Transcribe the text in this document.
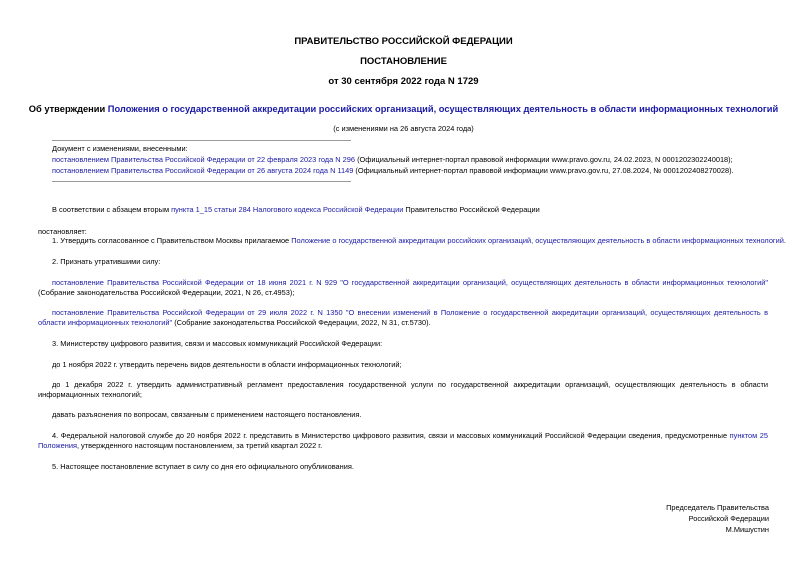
ПРАВИТЕЛЬСТВО РОССИЙСКОЙ ФЕДЕРАЦИИ
ПОСТАНОВЛЕНИЕ
от 30 сентября 2022 года N 1729
Об утверждении Положения о государственной аккредитации российских организаций, осуществляющих деятельность в области информационных технологий
(с изменениями на 26 августа 2024 года)
Документ с изменениями, внесенными:
постановлением Правительства Российской Федерации от 22 февраля 2023 года N 296 (Официальный интернет-портал правовой информации www.pravo.gov.ru, 24.02.2023, N 0001202302240018);
постановлением Правительства Российской Федерации от 26 августа 2024 года N 1149 (Официальный интернет-портал правовой информации www.pravo.gov.ru, 27.08.2024, № 0001202408270028).
В соответствии с абзацем вторым пункта 1_15 статьи 284 Налогового кодекса Российской Федерации Правительство Российской Федерации
постановляет:
1. Утвердить согласованное с Правительством Москвы прилагаемое Положение о государственной аккредитации российских организаций, осуществляющих деятельность в области информационных технологий.
2. Признать утратившими силу:
постановление Правительства Российской Федерации от 18 июня 2021 г. N 929 "О государственной аккредитации организаций, осуществляющих деятельность в области информационных технологий" (Собрание законодательства Российской Федерации, 2021, N 26, ст.4953);
постановление Правительства Российской Федерации от 29 июля 2022 г. N 1350 "О внесении изменений в Положение о государственной аккредитации организаций, осуществляющих деятельность в области информационных технологий" (Собрание законодательства Российской Федерации, 2022, N 31, ст.5730).
3. Министерству цифрового развития, связи и массовых коммуникаций Российской Федерации:
до 1 ноября 2022 г. утвердить перечень видов деятельности в области информационных технологий;
до 1 декабря 2022 г. утвердить административный регламент предоставления государственной услуги по государственной аккредитации организаций, осуществляющих деятельность в области информационных технологий;
давать разъяснения по вопросам, связанным с применением настоящего постановления.
4. Федеральной налоговой службе до 20 ноября 2022 г. представить в Министерство цифрового развития, связи и массовых коммуникаций Российской Федерации сведения, предусмотренные пунктом 25 Положения, утвержденного настоящим постановлением, за третий квартал 2022 г.
5. Настоящее постановление вступает в силу со дня его официального опубликования.
Председатель Правительства
Российской Федерации
М.Мишустин
